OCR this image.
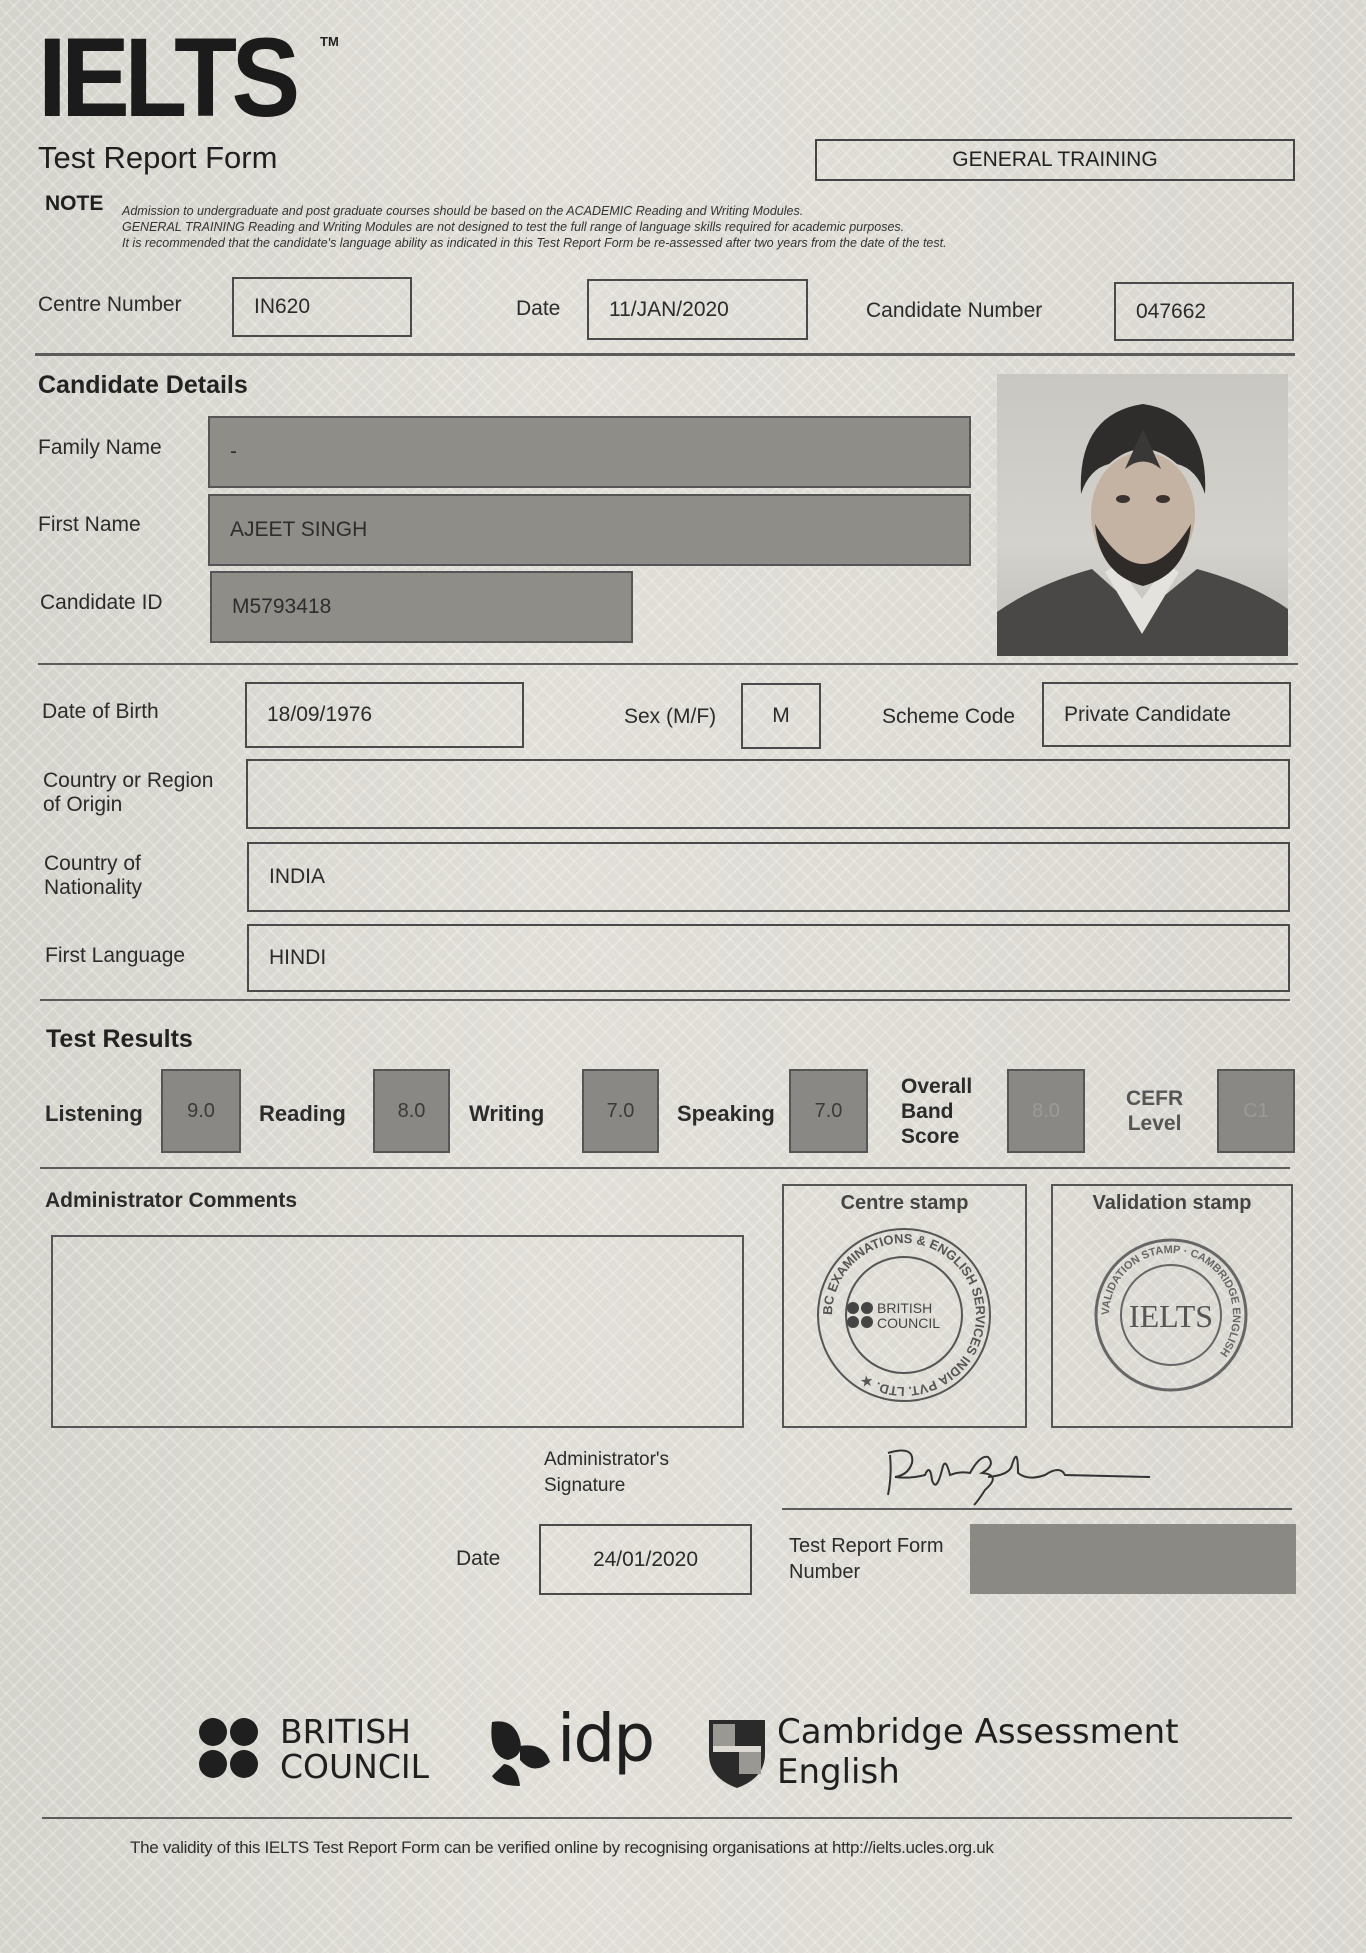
IELTS TM
Test Report Form	GENERAL TRAINING
NOTE Admission to undergraduate and post graduate courses should be based on the ACADEMIC Reading and Writing Modules.
GENERAL TRAINING Reading and Writing Modules are not designed to test the full range of language skills required for academic purposes.
It is recommended that the candidate's language ability as indicated in this Test Report Form be re-assessed after two years from the date of the test.
Centre Number	IN620	Date 11/JAN/2020	Candidate Number	047662
Candidate Details
Family Name	-
First Name	AJEET SINGH
Candidate ID	M5793418
Date of Birth	18/09/1976	Sex (M/F)	M	Scheme Code Private Candidate
Country or Region
of Origin
Country of
Nationality	INDIA
First Language	HINDI
Test Results
Listening 9.0 Reading	8.0 Writing	7.0 Speaking 7.0
Overall
Band
Score
8.0
CEFR
Level
C1
Administrator Comments	Centre stamp
BC EXAMINATIONS & ENGLISH SERVICES INDIA PVT. LTD. ★
BRITISH
COUNCIL
Validation stamp
VALIDATION STAMP · CAMBRIDGE ENGLISH
IELTS
Administrator's
Signature
Date	24/01/2020
Test Report Form
Number
BRITISH
COUNCIL idp	Cambridge Assessment
English
The validity of this IELTS Test Report Form can be verified online by recognising organisations at http://ielts.ucles.org.uk
